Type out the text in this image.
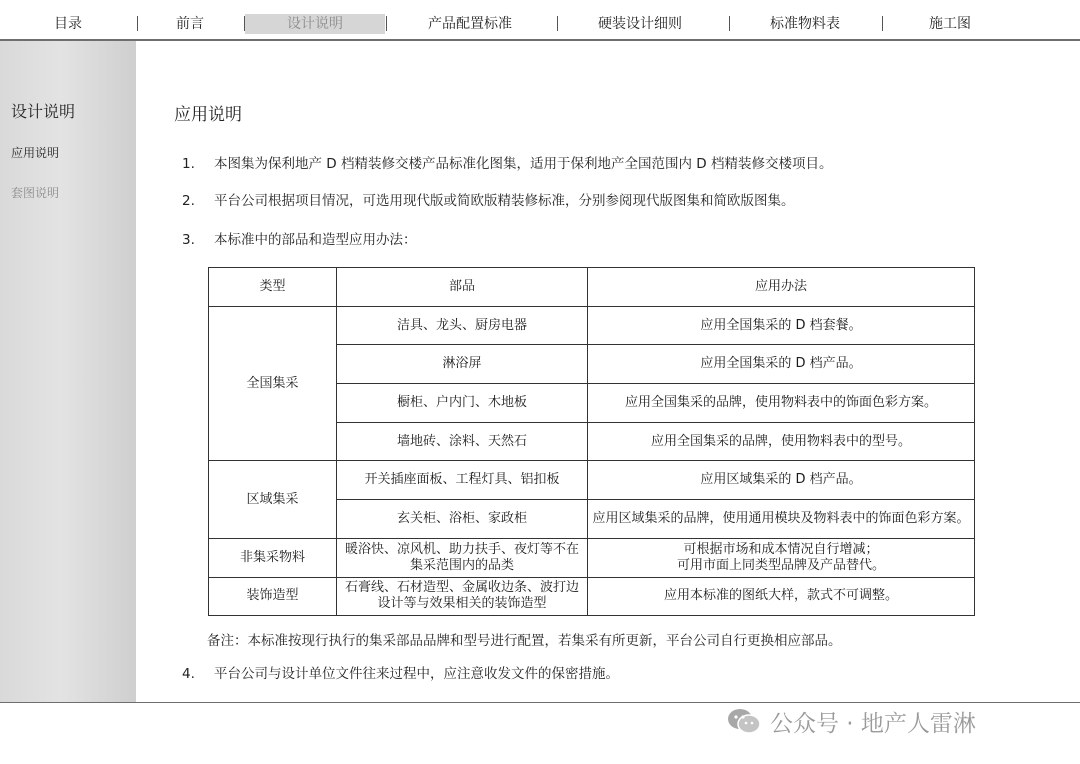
目录	前言	设计说明	产品配置标准	硬装设计细则	标准物料表	施工图
设计说明
应用说明
套图说明
应用说明
1. 本图集为保利地产 D 档精装修交楼产品标准化图集，适用于保利地产全国范围内 D 档精装修交楼项目。
2. 平台公司根据项目情况，可选用现代版或简欧版精装修标准，分别参阅现代版图集和简欧版图集。
3. 本标准中的部品和造型应用办法：
类型	部品	应用办法
全国集采	洁具、龙头、厨房电器	应用全国集采的 D 档套餐。
	淋浴屏	应用全国集采的 D 档产品。
	橱柜、户内门、木地板	应用全国集采的品牌，使用物料表中的饰面色彩方案。
	墙地砖、涂料、天然石	应用全国集采的品牌，使用物料表中的型号。
区域集采	开关插座面板、工程灯具、铝扣板	应用区域集采的 D 档产品。
	玄关柜、浴柜、家政柜	应用区域集采的品牌，使用通用模块及物料表中的饰面色彩方案。
非集采物料	暖浴快、凉风机、助力扶手、夜灯等不在集采范围内的品类	可根据市场和成本情况自行增减；
可用市面上同类型品牌及产品替代。

装饰造型	石膏线、石材造型、金属收边条、波打边设计等与效果相关的装饰造型	应用本标准的图纸大样，款式不可调整。
备注：本标准按现行执行的集采部品品牌和型号进行配置，若集采有所更新，平台公司自行更换相应部品。
4. 平台公司与设计单位文件往来过程中，应注意收发文件的保密措施。
公众号 · 地产人雷淋
